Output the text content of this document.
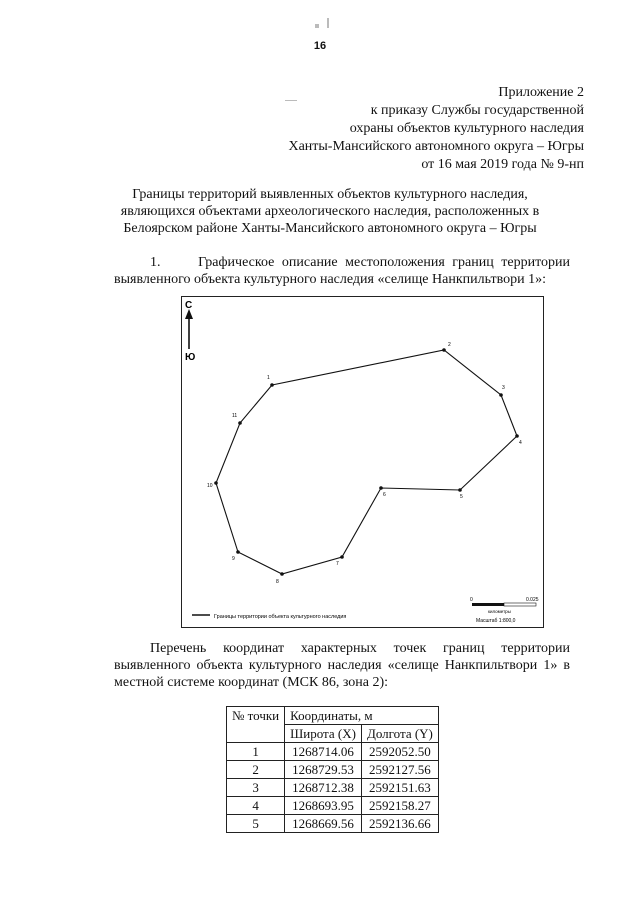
16
Приложение 2
к приказу Службы государственной
охраны объектов культурного наследия
Ханты-Мансийского автономного округа – Югры
от 16 мая 2019 года № 9-нп
Границы территорий выявленных объектов культурного наследия,
являющихся объектами археологического наследия, расположенных в
Белоярском районе Ханты-Мансийского автономного округа – Югры
1.	Графическое описание местоположения границ территории выявленного объекта культурного наследия «селище Нанкпильтвори 1»:
С
Ю
1
2
3
4
5
6
7
8
9
10
11
Границы территории объекта культурного наследия
0	0.025
километры
Масштаб 1:800,0
Перечень координат характерных точек границ территории выявленного объекта культурного наследия «селище Нанкпильтвори 1» в местной системе координат (МСК 86, зона 2):
№ точки	Координаты, м	
	Широта (X)	Долгота (Y)
1	1268714.06	2592052.50
2	1268729.53	2592127.56
3	1268712.38	2592151.63
4	1268693.95	2592158.27
5	1268669.56	2592136.66
